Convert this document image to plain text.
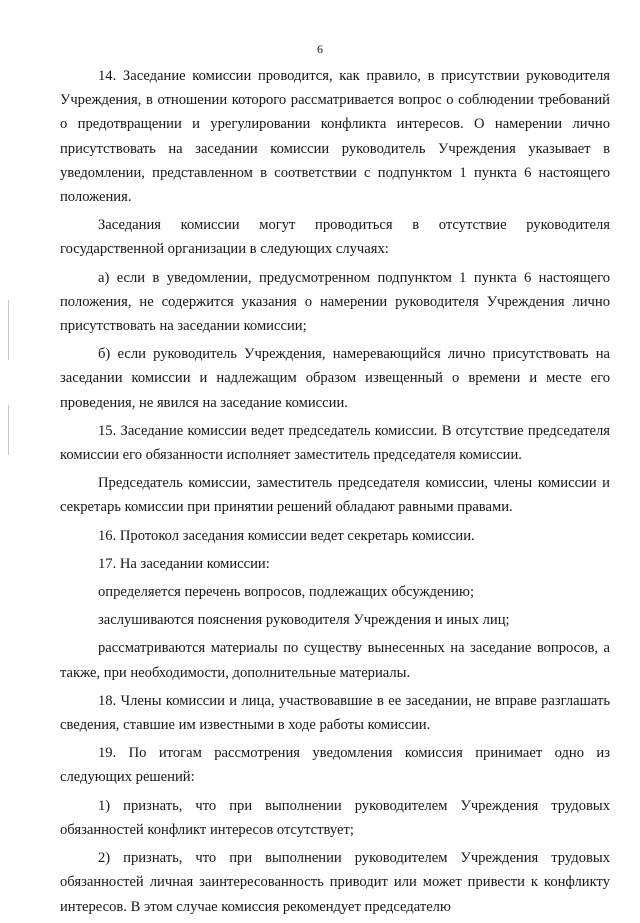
6

14. Заседание комиссии проводится, как правило, в присутствии руководителя Учреждения, в отношении которого рассматривается вопрос о соблюдении требований о предотвращении и урегулировании конфликта интересов. О намерении лично присутствовать на заседании комиссии руководитель Учреждения указывает в уведомлении, представленном в соответствии с подпунктом 1 пункта 6 настоящего положения.

Заседания комиссии могут проводиться в отсутствие руководителя государственной организации в следующих случаях:

а) если в уведомлении, предусмотренном подпунктом 1 пункта 6 настоящего положения, не содержится указания о намерении руководителя Учреждения лично присутствовать на заседании комиссии;

б) если руководитель Учреждения, намеревающийся лично присутствовать на заседании комиссии и надлежащим образом извещенный о времени и месте его проведения, не явился на заседание комиссии.

15. Заседание комиссии ведет председатель комиссии. В отсутствие председателя комиссии его обязанности исполняет заместитель председателя комиссии.

Председатель комиссии, заместитель председателя комиссии, члены комиссии и секретарь комиссии при принятии решений обладают равными правами.

16. Протокол заседания комиссии ведет секретарь комиссии.

17. На заседании комиссии:

определяется перечень вопросов, подлежащих обсуждению;

заслушиваются пояснения руководителя Учреждения и иных лиц;

рассматриваются материалы по существу вынесенных на заседание вопросов, а также, при необходимости, дополнительные материалы.

18. Члены комиссии и лица, участвовавшие в ее заседании, не вправе разглашать сведения, ставшие им известными в ходе работы комиссии.

19. По итогам рассмотрения уведомления комиссия принимает одно из следующих решений:

1) признать, что при выполнении руководителем Учреждения трудовых обязанностей конфликт интересов отсутствует;

2) признать, что при выполнении руководителем Учреждения трудовых обязанностей личная заинтересованность приводит или может привести к конфликту интересов. В этом случае комиссия рекомендует председателю
